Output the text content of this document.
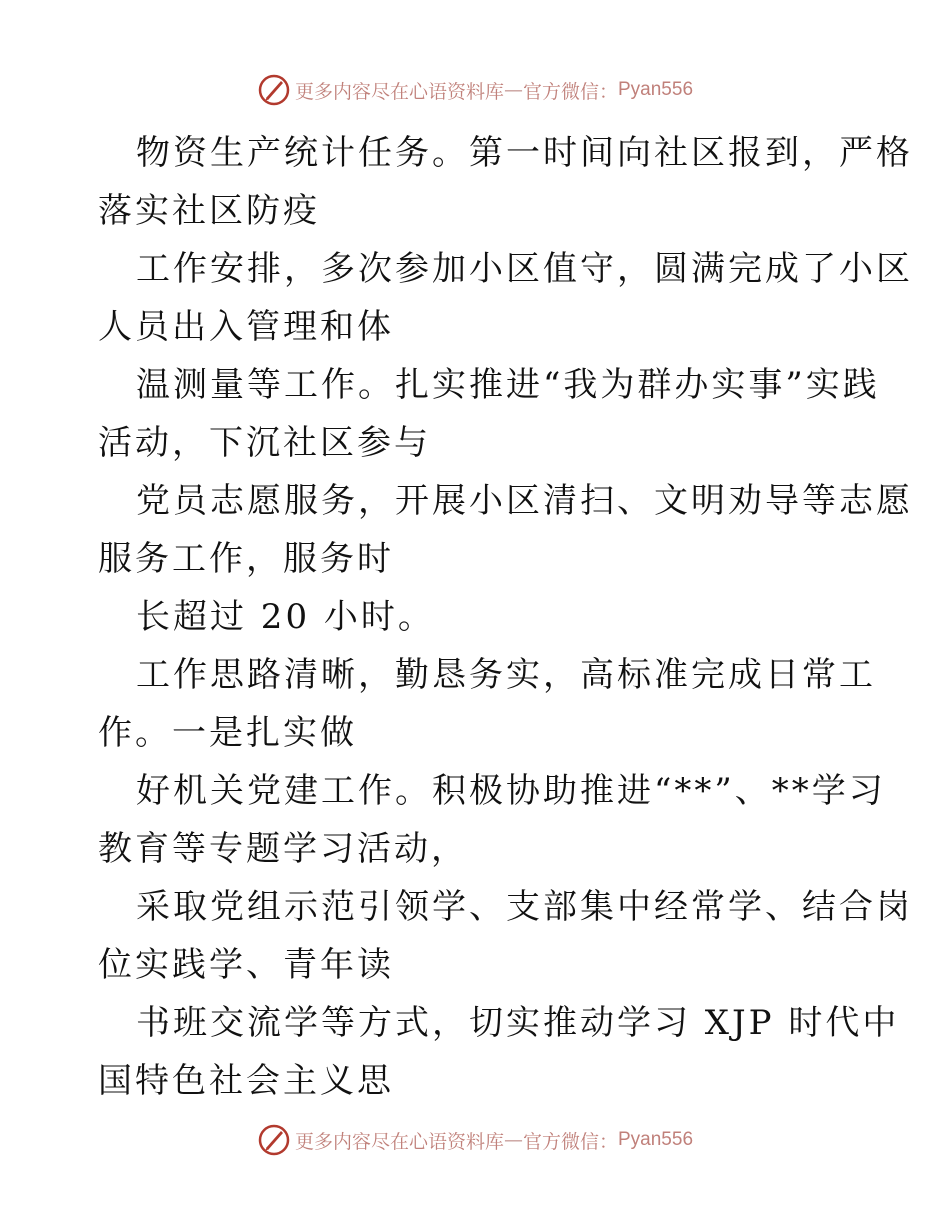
更多内容尽在心语资料库 — 官方微信： Pyan556

物资生产统计任务。第一时间向社区报到，严格
落实社区防疫

工作安排，多次参加小区值守，圆满完成了小区
人员出入管理和体

温测量等工作。扎实推进“我为群办实事”实践
活动，下沉社区参与

党员志愿服务，开展小区清扫、文明劝导等志愿
服务工作，服务时

长超过 20 小时。

工作思路清晰，勤恳务实，高标准完成日常工
作。一是扎实做

好机关党建工作。积极协助推进“**”、**学习
教育等专题学习活动，

采取党组示范引领学、支部集中经常学、结合岗
位实践学、青年读

书班交流学等方式，切实推动学习 XJP 时代中
国特色社会主义思

更多内容尽在心语资料库 — 官方微信： Pyan556
